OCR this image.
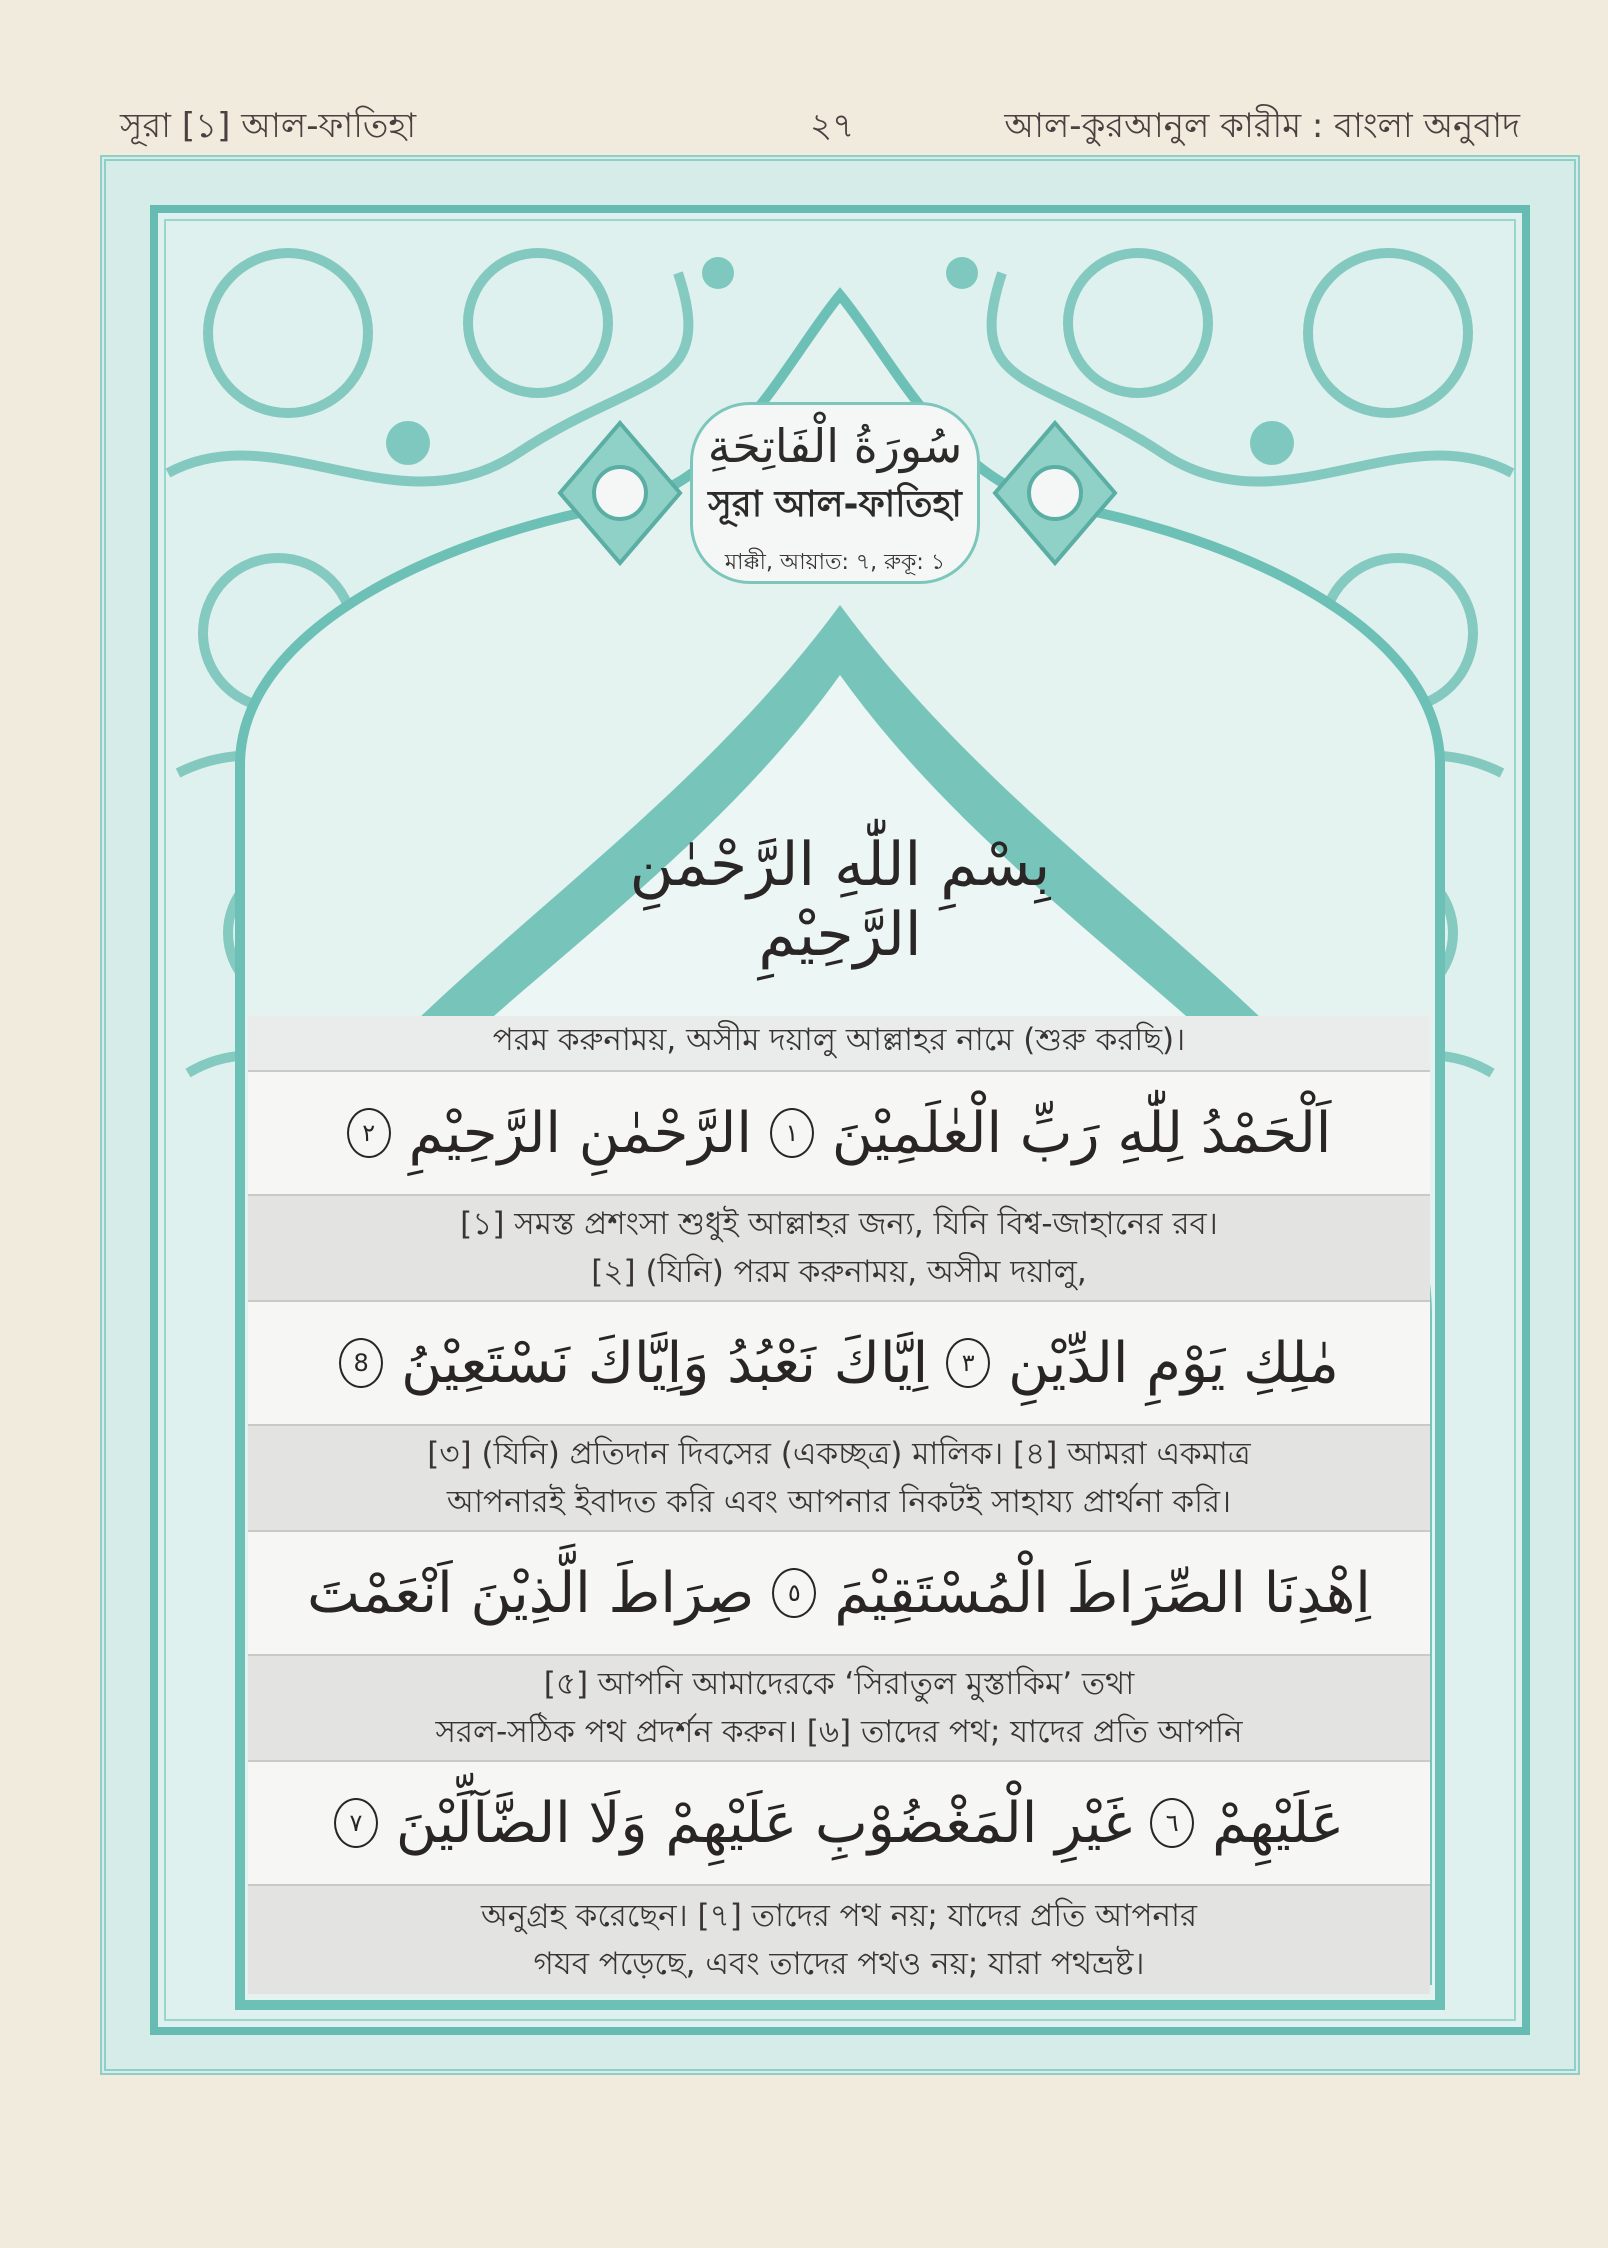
সূরা [১] আল-ফাতিহা	২৭	আল-কুরআনুল কারীম : বাংলা অনুবাদ
سُورَةُ الْفَاتِحَةِ
সূরা আল-ফাতিহা
মাক্কী, আয়াত: ৭, রুকূ: ১
بِسْمِ اللّٰهِ الرَّحْمٰنِ الرَّحِیْمِ
পরম করুনাময়, অসীম দয়ালু আল্লাহর নামে (শুরু করছি)।
اَلْحَمْدُ لِلّٰهِ رَبِّ الْعٰلَمِيْنَ
١
الرَّحْمٰنِ الرَّحِيْمِ
٢
[১] সমস্ত প্রশংসা শুধুই আল্লাহর জন্য, যিনি বিশ্ব-জাহানের রব।
[২] (যিনি) পরম করুনাময়, অসীম দয়ালু,
مٰلِكِ يَوْمِ الدِّيْنِ
٣
اِيَّاكَ نَعْبُدُ وَاِيَّاكَ نَسْتَعِيْنُ
8
[৩] (যিনি) প্রতিদান দিবসের (একচ্ছত্র) মালিক। [৪] আমরা একমাত্র
আপনারই ইবাদত করি এবং আপনার নিকটই সাহায্য প্রার্থনা করি।
اِهْدِنَا الصِّرَاطَ الْمُسْتَقِيْمَ
٥
صِرَاطَ الَّذِيْنَ اَنْعَمْتَ
[৫] আপনি আমাদেরকে ‘সিরাতুল মুস্তাকিম’ তথা
সরল-সঠিক পথ প্রদর্শন করুন। [৬] তাদের পথ; যাদের প্রতি আপনি
عَلَيْهِمْ
٦
غَيْرِ الْمَغْضُوْبِ عَلَيْهِمْ وَلَا الضَّآلِّيْنَ
٧
অনুগ্রহ করেছেন। [৭] তাদের পথ নয়; যাদের প্রতি আপনার
গযব পড়েছে, এবং তাদের পথও নয়; যারা পথভ্রষ্ট।
